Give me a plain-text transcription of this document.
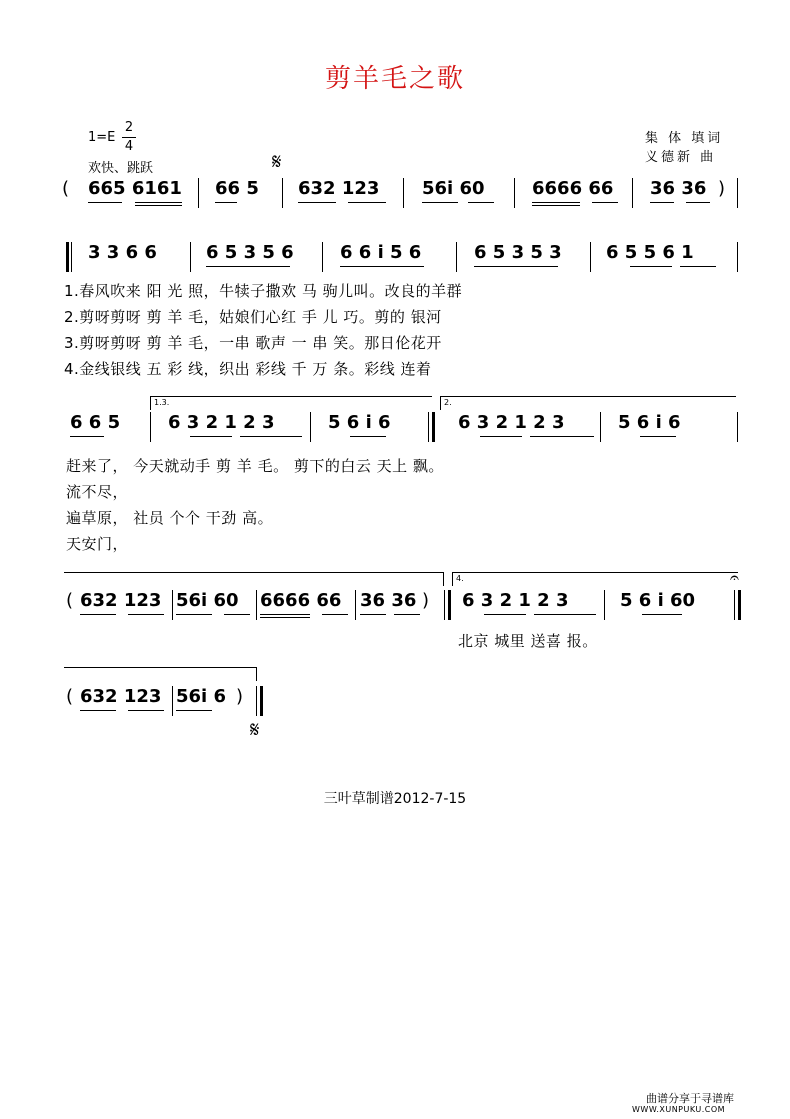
剪羊毛之歌
1=E
2
4
欢快、跳跃
集 体 填词
义德新 曲
𝄋
( 665 6161 66 5 632 123 56i 60	6666 66 36 36 )
3 3 6 6	6 5 3 5 6	6 6 i 5 6	6 5 3 5 3 6 5 5 6 1
1.春风吹来 阳 光 照，牛犊子撒欢 马 驹儿叫。改良的羊群
2.剪呀剪呀 剪 羊 毛，姑娘们心红 手 儿 巧。剪的 银河
3.剪呀剪呀 剪 羊 毛，一串 歌声 一 串 笑。那日伦花开
4.金线银线 五 彩 线，织出 彩线 千 万 条。彩线 连着
1.3.	2.
6 6 5	6 3 2 1 2 3	5 6 i 6	6 3 2 1 2 3	5 6 i 6
赶来了， 今天就动手 剪 羊 毛。 剪下的白云 天上 飘。
流不尽，
遍草原， 社员 个个 干劲 高。
天安门，
4.	𝄐
( 632 123 56i 60 6666 66 36 36 ) 6 3 2 1 2 3	5 6 i 60
北京 城里 送喜 报。
( 632 123 56i 6 )
𝄋
三叶草制谱2012-7-15
曲谱分享于寻谱库
WWW.XUNPUKU.COM
